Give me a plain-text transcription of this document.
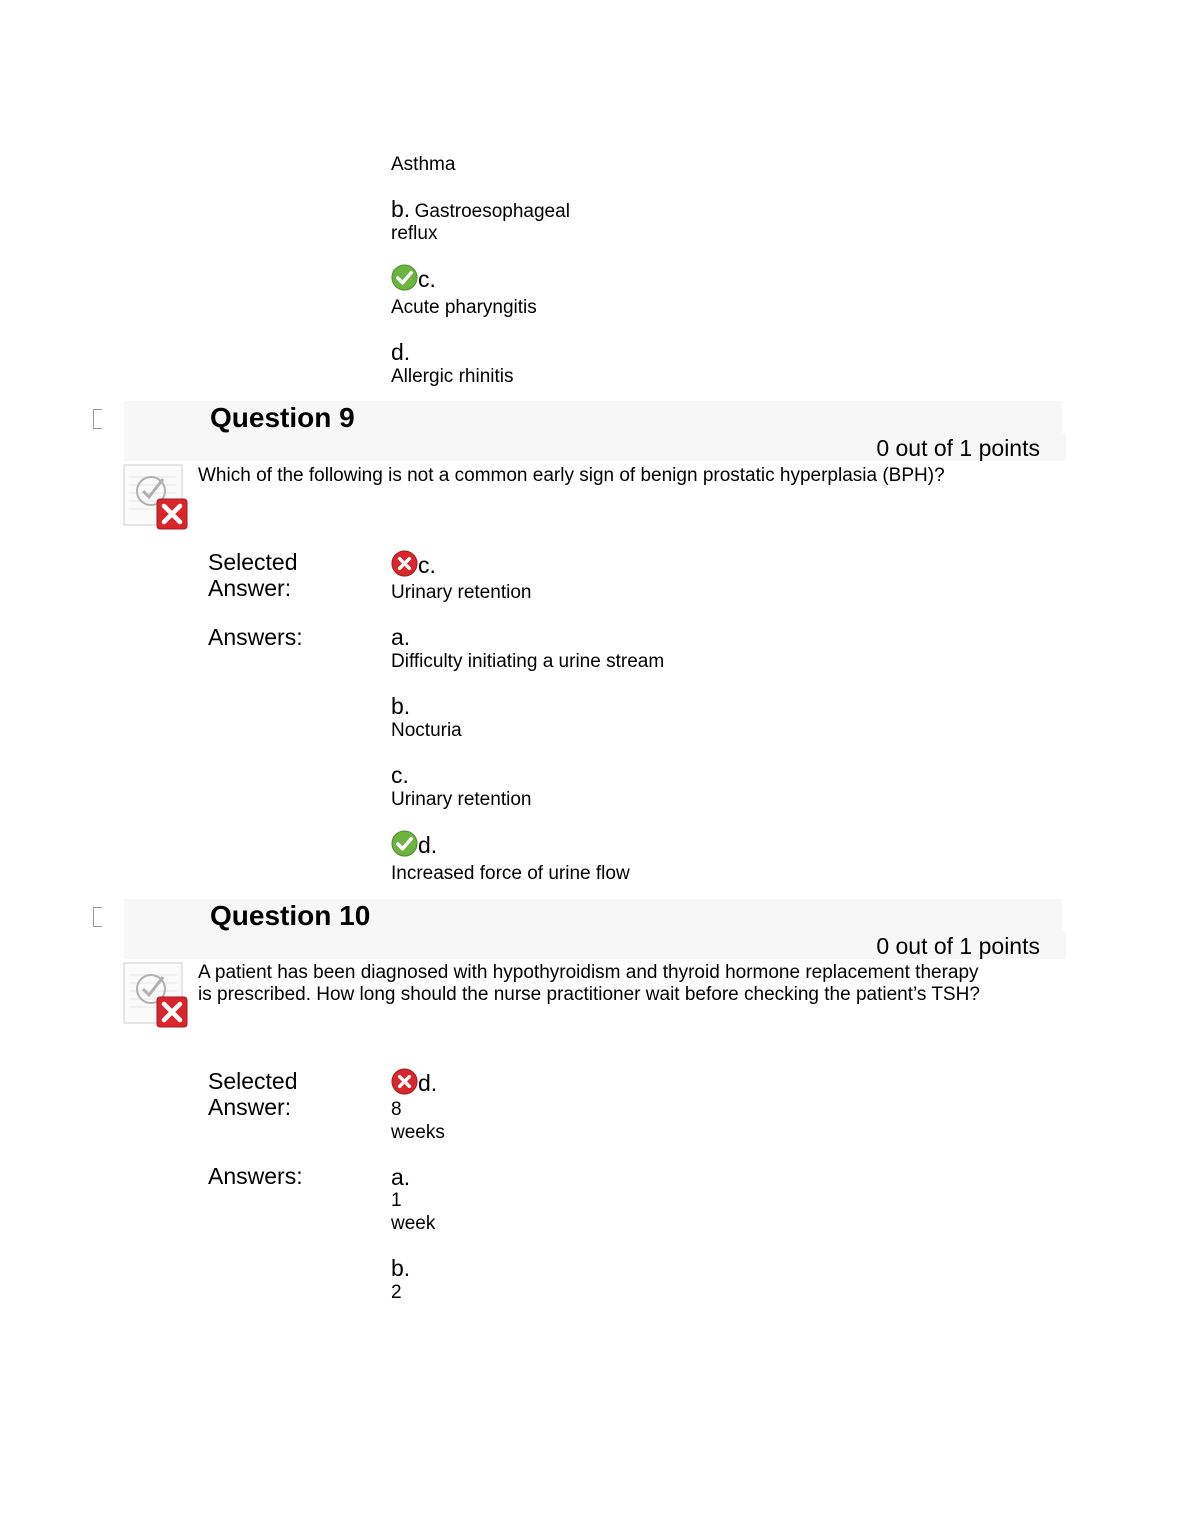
Asthma
b. Gastroesophageal
reflux
c.
Acute pharyngitis
d.
Allergic rhinitis
Question 9
0 out of 1 points
Which of the following is not a common early sign of benign prostatic hyperplasia (BPH)?
Selected
Answer:
c.
Urinary retention
Answers:	a.
Difficulty initiating a urine stream
b.
Nocturia
c.
Urinary retention
d.
Increased force of urine flow
Question 10
0 out of 1 points
A patient has been diagnosed with hypothyroidism and thyroid hormone replacement therapy
is prescribed. How long should the nurse practitioner wait before checking the patient’s TSH?
Selected
Answer:
d.
8
weeks
Answers:	a.
1
week
b.
2
